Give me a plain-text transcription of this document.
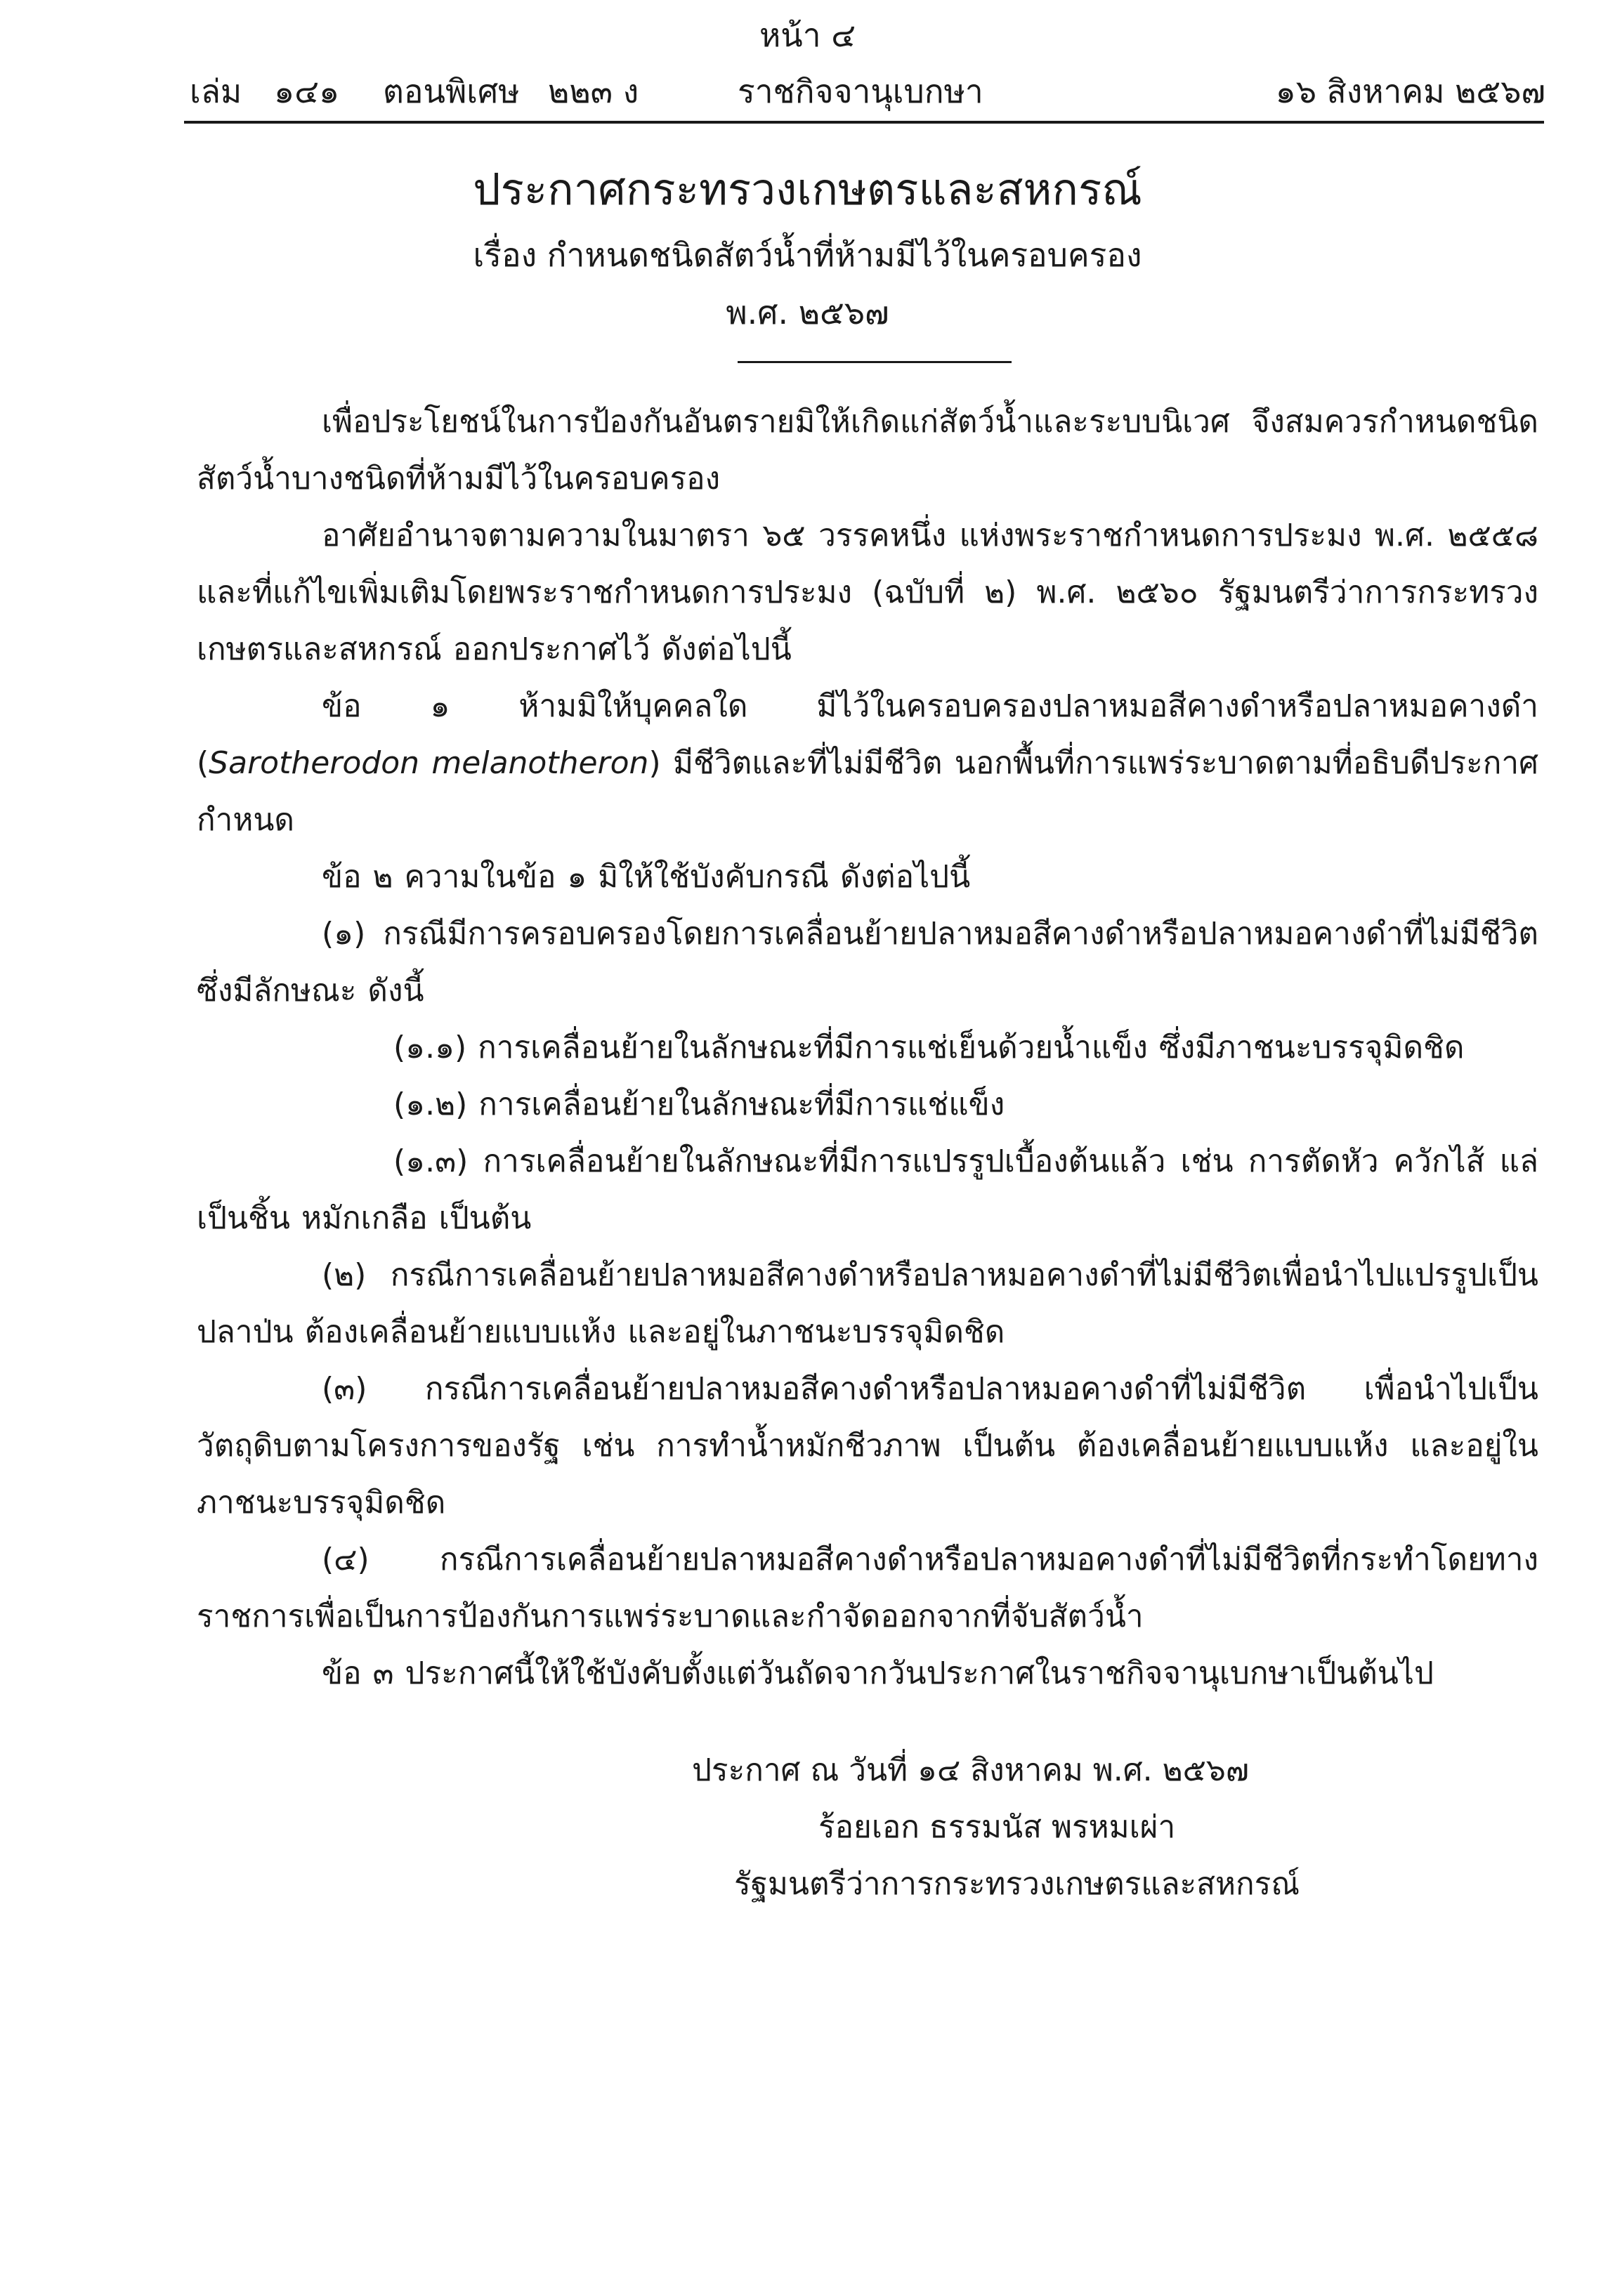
หน้า ๔
เล่ม ๑๔๑ ตอนพิเศษ ๒๒๓ ง	ราชกิจจานุเบกษา	๑๖ สิงหาคม ๒๕๖๗
ประกาศกระทรวงเกษตรและสหกรณ์
เรื่อง กำหนดชนิดสัตว์น้ำที่ห้ามมีไว้ในครอบครอง
พ.ศ. ๒๕๖๗

เพื่อประโยชน์ในการป้องกันอันตรายมิให้เกิดแก่สัตว์น้ำและระบบนิเวศ จึงสมควรกำหนดชนิดสัตว์น้ำบางชนิดที่ห้ามมีไว้ในครอบครอง

อาศัยอำนาจตามความในมาตรา ๖๕ วรรคหนึ่ง แห่งพระราชกำหนดการประมง พ.ศ. ๒๕๕๘ และที่แก้ไขเพิ่มเติมโดยพระราชกำหนดการประมง (ฉบับที่ ๒) พ.ศ. ๒๕๖๐ รัฐมนตรีว่าการกระทรวงเกษตรและสหกรณ์ ออกประกาศไว้ ดังต่อไปนี้

ข้อ ๑ ห้ามมิให้บุคคลใด มีไว้ในครอบครองปลาหมอสีคางดำหรือปลาหมอคางดำ (Sarotherodon melanotheron) มีชีวิตและที่ไม่มีชีวิต นอกพื้นที่การแพร่ระบาดตามที่อธิบดีประกาศกำหนด

ข้อ ๒ ความในข้อ ๑ มิให้ใช้บังคับกรณี ดังต่อไปนี้

(๑) กรณีมีการครอบครองโดยการเคลื่อนย้ายปลาหมอสีคางดำหรือปลาหมอคางดำที่ไม่มีชีวิต ซึ่งมีลักษณะ ดังนี้

(๑.๑) การเคลื่อนย้ายในลักษณะที่มีการแช่เย็นด้วยน้ำแข็ง ซึ่งมีภาชนะบรรจุมิดชิด

(๑.๒) การเคลื่อนย้ายในลักษณะที่มีการแช่แข็ง

(๑.๓) การเคลื่อนย้ายในลักษณะที่มีการแปรรูปเบื้องต้นแล้ว เช่น การตัดหัว ควักไส้ แล่เป็นชิ้น หมักเกลือ เป็นต้น

(๒) กรณีการเคลื่อนย้ายปลาหมอสีคางดำหรือปลาหมอคางดำที่ไม่มีชีวิตเพื่อนำไปแปรรูปเป็นปลาป่น ต้องเคลื่อนย้ายแบบแห้ง และอยู่ในภาชนะบรรจุมิดชิด

(๓) กรณีการเคลื่อนย้ายปลาหมอสีคางดำหรือปลาหมอคางดำที่ไม่มีชีวิต เพื่อนำไปเป็นวัตถุดิบตามโครงการของรัฐ เช่น การทำน้ำหมักชีวภาพ เป็นต้น ต้องเคลื่อนย้ายแบบแห้ง และอยู่ในภาชนะบรรจุมิดชิด

(๔) กรณีการเคลื่อนย้ายปลาหมอสีคางดำหรือปลาหมอคางดำที่ไม่มีชีวิตที่กระทำโดยทางราชการเพื่อเป็นการป้องกันการแพร่ระบาดและกำจัดออกจากที่จับสัตว์น้ำ

ข้อ ๓ ประกาศนี้ให้ใช้บังคับตั้งแต่วันถัดจากวันประกาศในราชกิจจานุเบกษาเป็นต้นไป

ประกาศ ณ วันที่ ๑๔ สิงหาคม พ.ศ. ๒๕๖๗
ร้อยเอก ธรรมนัส พรหมเผ่า
รัฐมนตรีว่าการกระทรวงเกษตรและสหกรณ์
